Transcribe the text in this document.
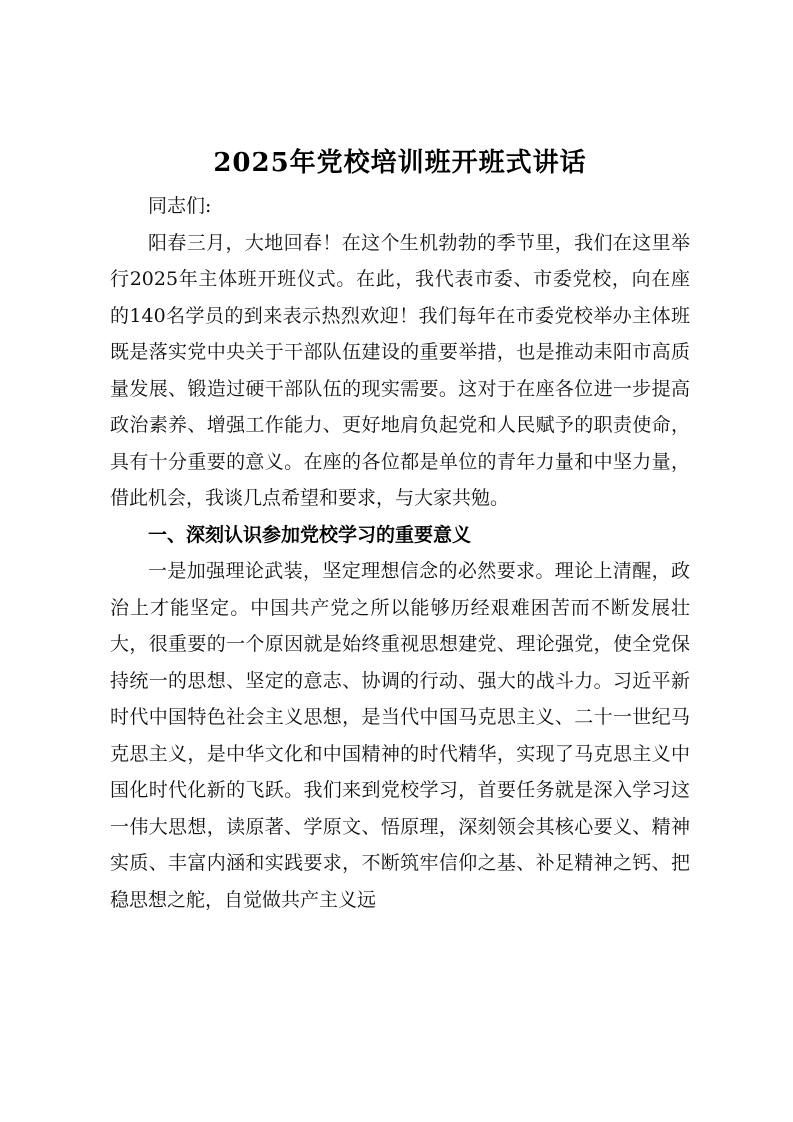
2025年党校培训班开班式讲话

同志们:

阳春三月，大地回春！在这个生机勃勃的季节里，我们在这里举行2025年主体班开班仪式。在此，我代表市委、市委党校，向在座的140名学员的到来表示热烈欢迎！我们每年在市委党校举办主体班既是落实党中央关于干部队伍建设的重要举措，也是推动耒阳市高质量发展、锻造过硬干部队伍的现实需要。这对于在座各位进一步提高政治素养、增强工作能力、更好地肩负起党和人民赋予的职责使命，具有十分重要的意义。在座的各位都是单位的青年力量和中坚力量，借此机会，我谈几点希望和要求，与大家共勉。

一、深刻认识参加党校学习的重要意义

一是加强理论武装，坚定理想信念的必然要求。理论上清醒，政治上才能坚定。中国共产党之所以能够历经艰难困苦而不断发展壮大，很重要的一个原因就是始终重视思想建党、理论强党，使全党保持统一的思想、坚定的意志、协调的行动、强大的战斗力。习近平新时代中国特色社会主义思想，是当代中国马克思主义、二十一世纪马克思主义，是中华文化和中国精神的时代精华，实现了马克思主义中国化时代化新的飞跃。我们来到党校学习，首要任务就是深入学习这一伟大思想，读原著、学原文、悟原理，深刻领会其核心要义、精神实质、丰富内涵和实践要求，不断筑牢信仰之基、补足精神之钙、把稳思想之舵，自觉做共产主义远
